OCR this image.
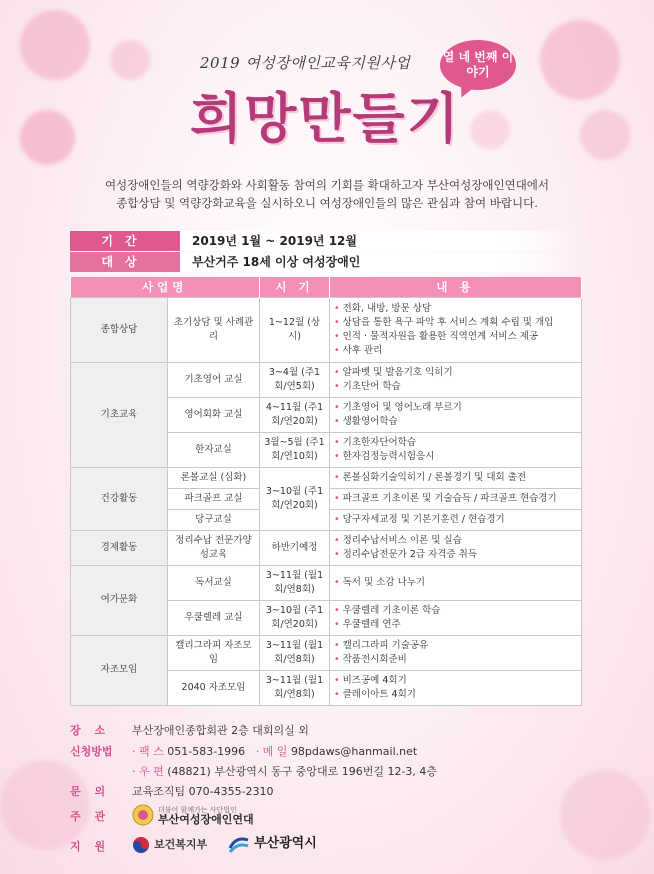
2019 여성장애인교육지원사업	열 네 번째 이야기
희망만들기
여성장애인들의 역량강화와 사회활동 참여의 기회를 확대하고자 부산여성장애인연대에서
종합상담 및 역량강화교육을 실시하오니 여성장애인들의 많은 관심과 참여 바랍니다.
기간	2019년 1월 ~ 2019년 12월
대상	부산거주 18세 이상 여성장애인
사업명		시 기	내 용
종합상담	초기상담 및 사례관리	1~12월 (상시)	• 전화, 내방, 방문 상담
• 상담을 통한 욕구 파악 후 서비스 계획 수립 및 개입
• 인적 · 물적자원을 활용한 직역연계 서비스 제공
• 사후 관리

기초교육	기초영어 교실	3~4월 (주1회/연5회)	• 알파벳 및 발음기호 익히기
• 기초단어 학습

	영어회화 교실	4~11월 (주1회/연20회)	• 기초영어 및 영어노래 부르기
• 생활영어학습

	한자교실	3월~5월 (주1회/연10회)	• 기초한자단어학습
• 한자검정능력시험응시

건강활동	론볼교실 (심화)	3~10월 (주1회/연20회)	• 론볼심화기술익히기 / 론볼경기 및 대회 출전

	파크골프 교실		• 파크골프 기초이론 및 기술습득 / 파크골프 현습경기

	당구교실		• 당구자세교정 및 기본기훈련 / 현습경기

경제활동	정리수납 전문가양성교육	하반기예정	• 정리수납서비스 이론 및 실습
• 정리수납전문가 2급 자격증 취득

여가문화	독서교실	3~11월 (월1회/연8회)	• 독서 및 소감 나누기

	우쿨렐레 교실	3~10월 (주1회/연20회)	• 우쿨렐레 기초이론 학습
• 우쿨렐레 연주

자조모임	캘리그라피 자조모임	3~11월 (월1회/연8회)	• 캘리그라피 기술공유
• 작품전시회준비

	2040 자조모임	3~11월 (월1회/연8회)	• 비즈공예 4회기
• 클레이아트 4회기
장 소	부산장애인종합회관 2층 대회의실 외
신청방법	· 팩 스 051-583-1996 · 메 일 98pdaws@hanmail.net
· 우 편 (48821) 부산광역시 동구 중앙대로 196번길 12-3, 4층
문 의	교육조직팀 070-4355-2310
주 관	더불어 함께가는 사단법인
부산여성장애인연대
지 원	보건복지부	부산광역시
